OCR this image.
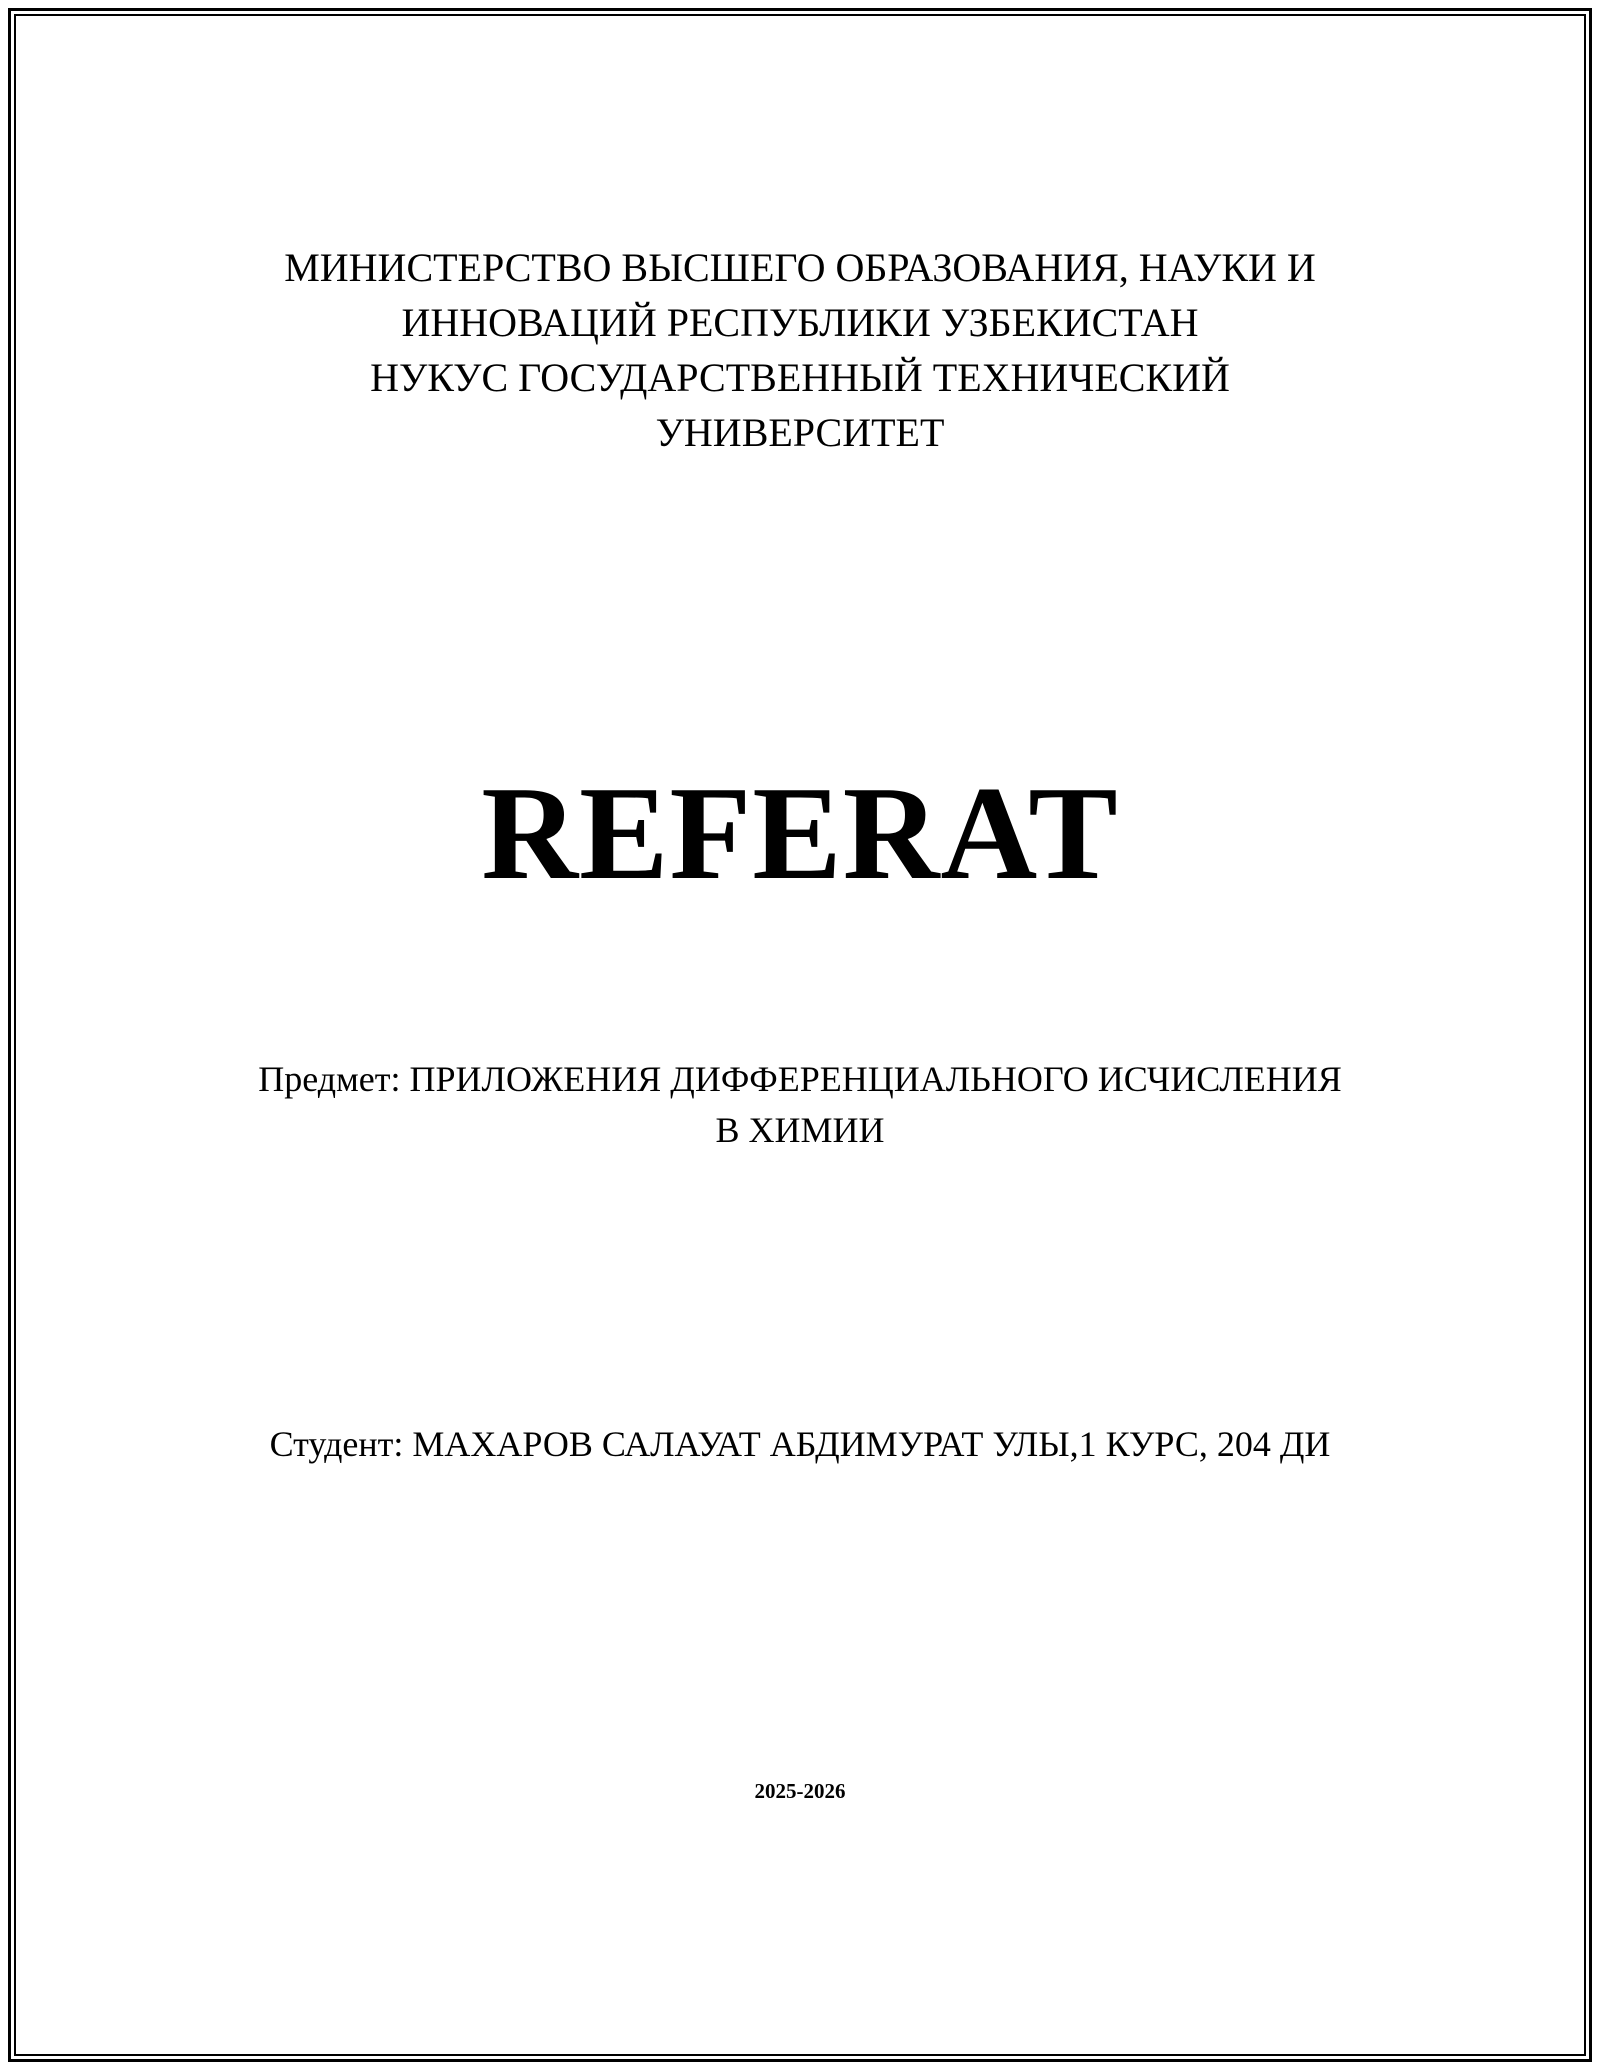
МИНИСТЕРСТВО ВЫСШЕГО ОБРАЗОВАНИЯ, НАУКИ И
ИННОВАЦИЙ РЕСПУБЛИКИ УЗБЕКИСТАН
НУКУС ГОСУДАРСТВЕННЫЙ ТЕХНИЧЕСКИЙ
УНИВЕРСИТЕТ
REFERAT
Предмет: ПРИЛОЖЕНИЯ ДИФФЕРЕНЦИАЛЬНОГО ИСЧИСЛЕНИЯ
В ХИМИИ
Студент: МАХАРОВ САЛАУАТ АБДИМУРАТ УЛЫ,1 КУРС, 204 ДИ
2025-2026
